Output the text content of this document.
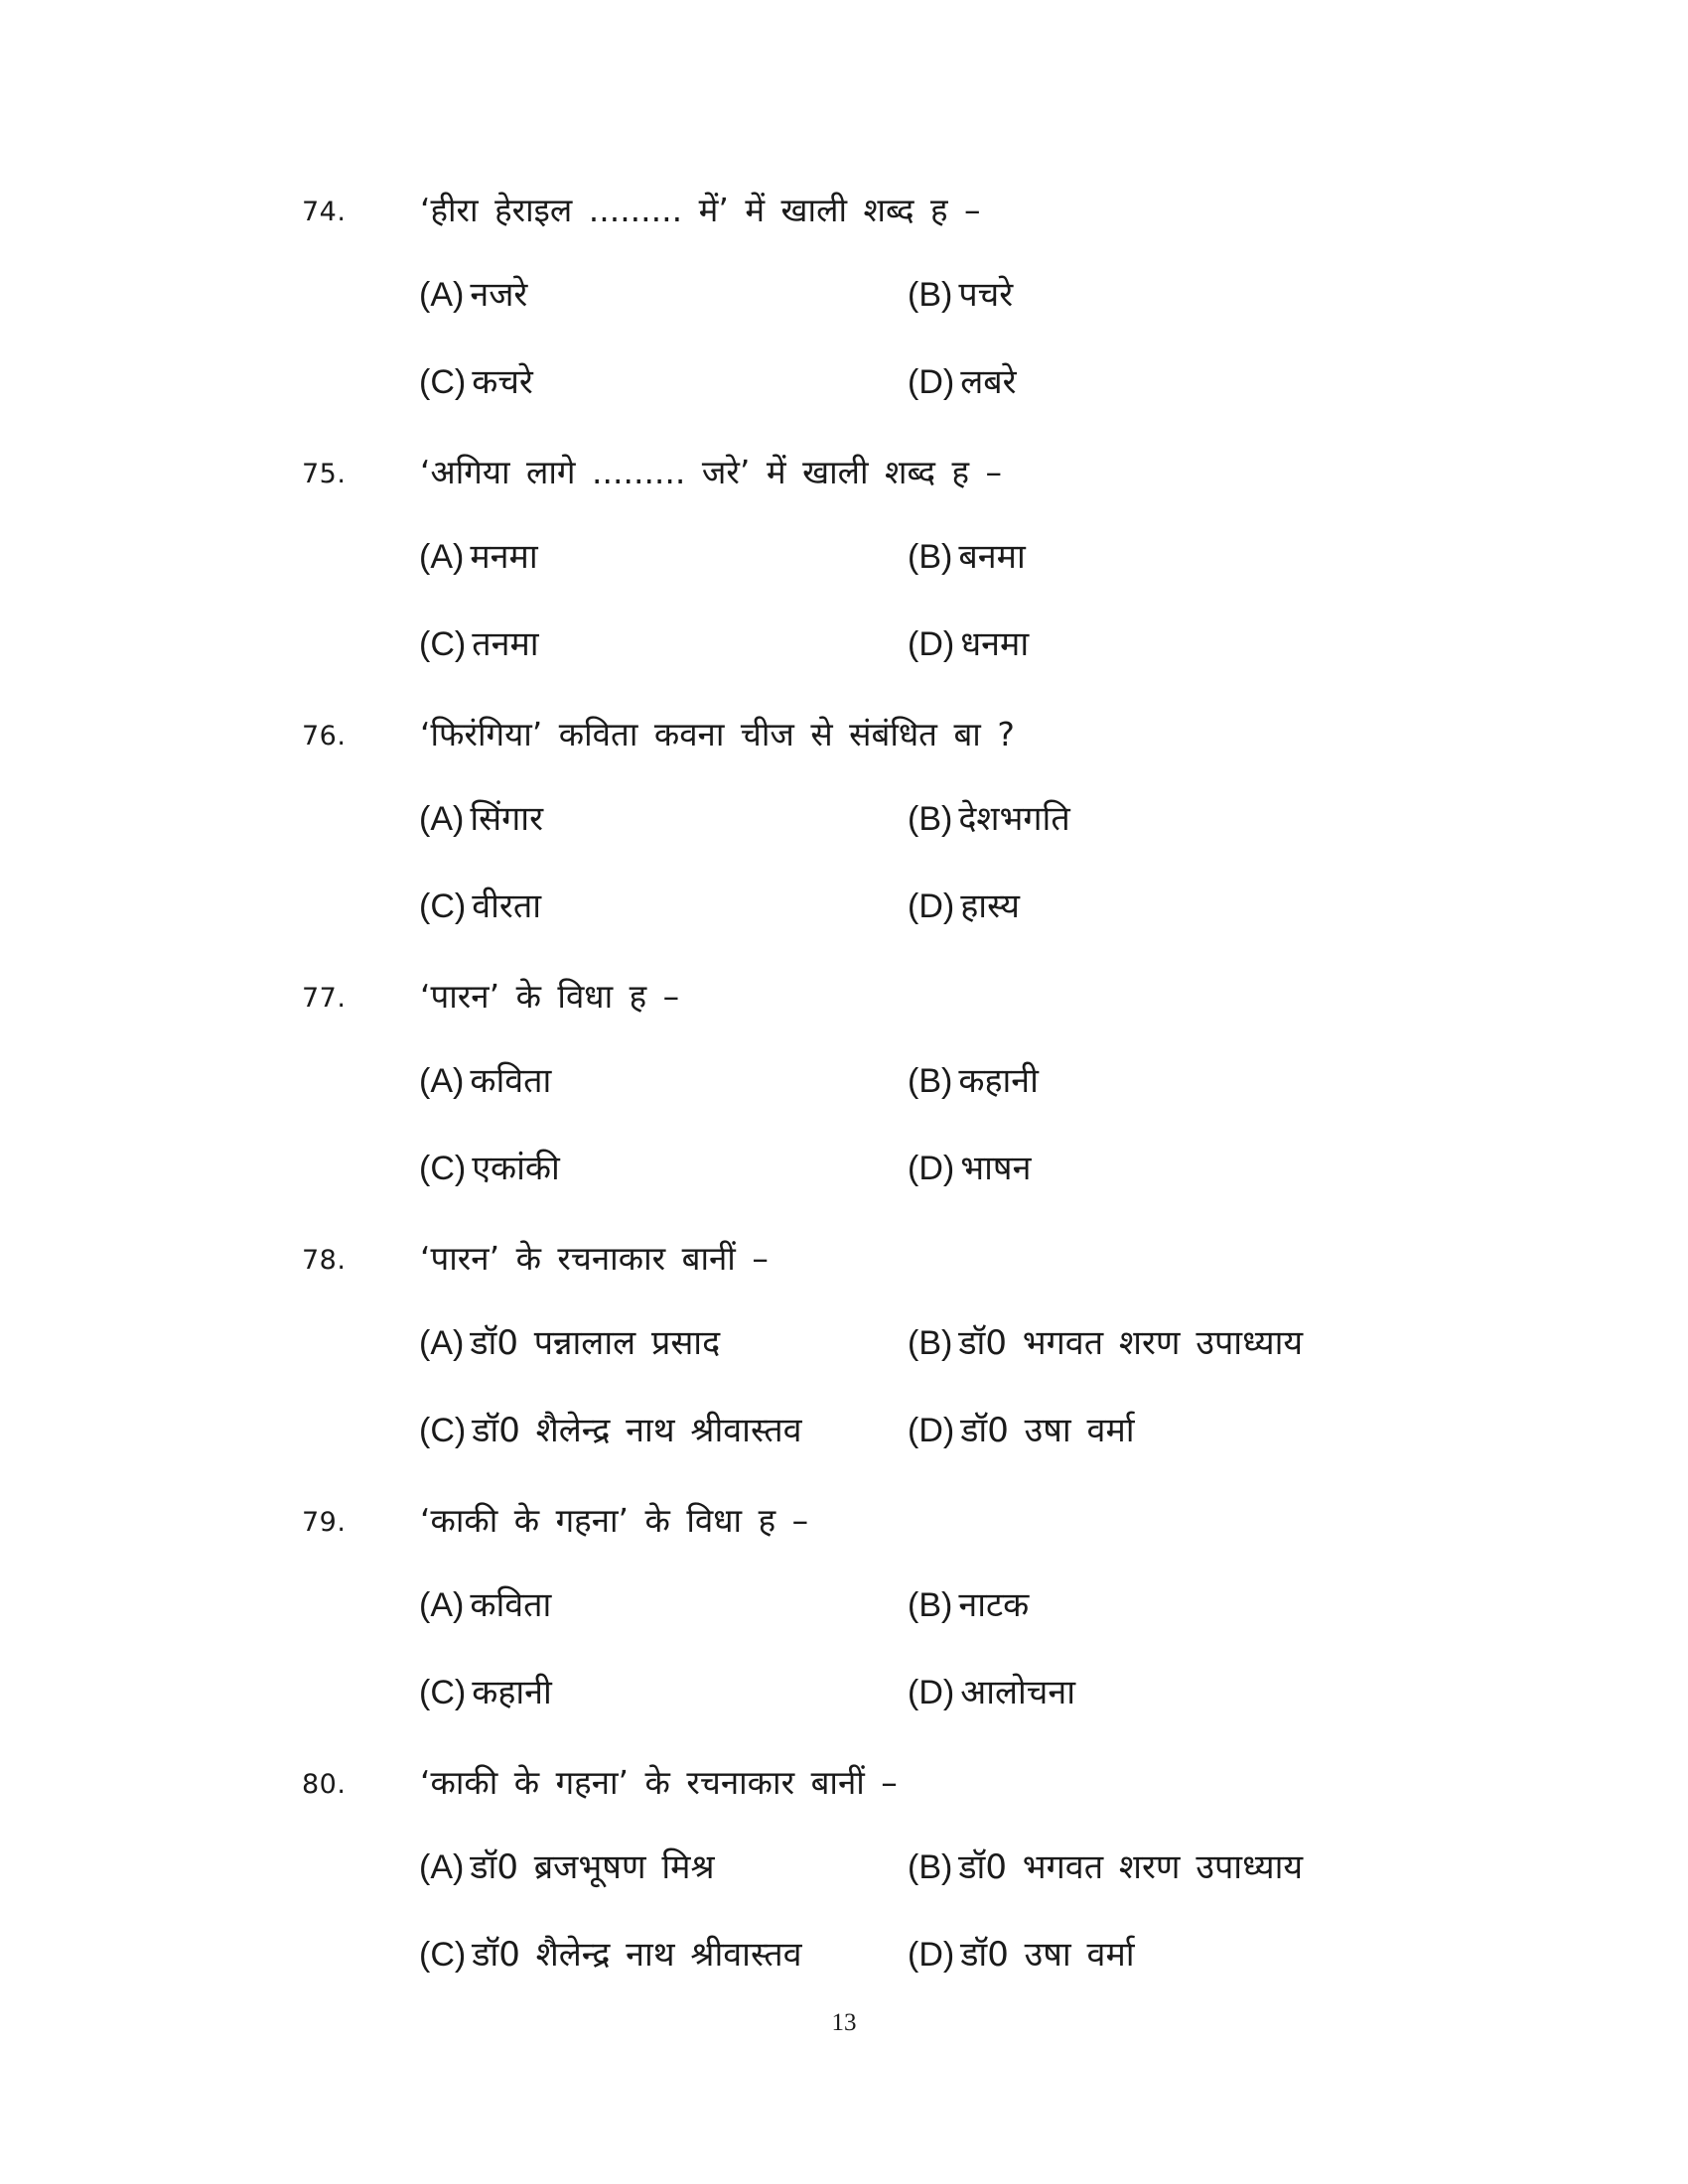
74. ‘हीरा हेराइल ......... में’ में खाली शब्द ह –
(A) नजरे	(B) पचरे
(C) कचरे	(D) लबरे
75. ‘अगिया लागे ......... जरे’ में खाली शब्द ह –
(A) मनमा	(B) बनमा
(C) तनमा	(D) धनमा
76. ‘फिरंगिया’ कविता कवना चीज से संबंधित बा ?
(A) सिंगार	(B) देशभगति
(C) वीरता	(D) हास्य
77. ‘पारन’ के विधा ह –
(A) कविता	(B) कहानी
(C) एकांकी	(D) भाषन
78. ‘पारन’ के रचनाकार बानीं –
(A) डॉ0 पन्नालाल प्रसाद	(B) डॉ0 भगवत शरण उपाध्याय
(C) डॉ0 शैलेन्द्र नाथ श्रीवास्तव	(D) डॉ0 उषा वर्मा
79. ‘काकी के गहना’ के विधा ह –
(A) कविता	(B) नाटक
(C) कहानी	(D) आलोचना
80. ‘काकी के गहना’ के रचनाकार बानीं –
(A) डॉ0 ब्रजभूषण मिश्र	(B) डॉ0 भगवत शरण उपाध्याय
(C) डॉ0 शैलेन्द्र नाथ श्रीवास्तव	(D) डॉ0 उषा वर्मा
13
